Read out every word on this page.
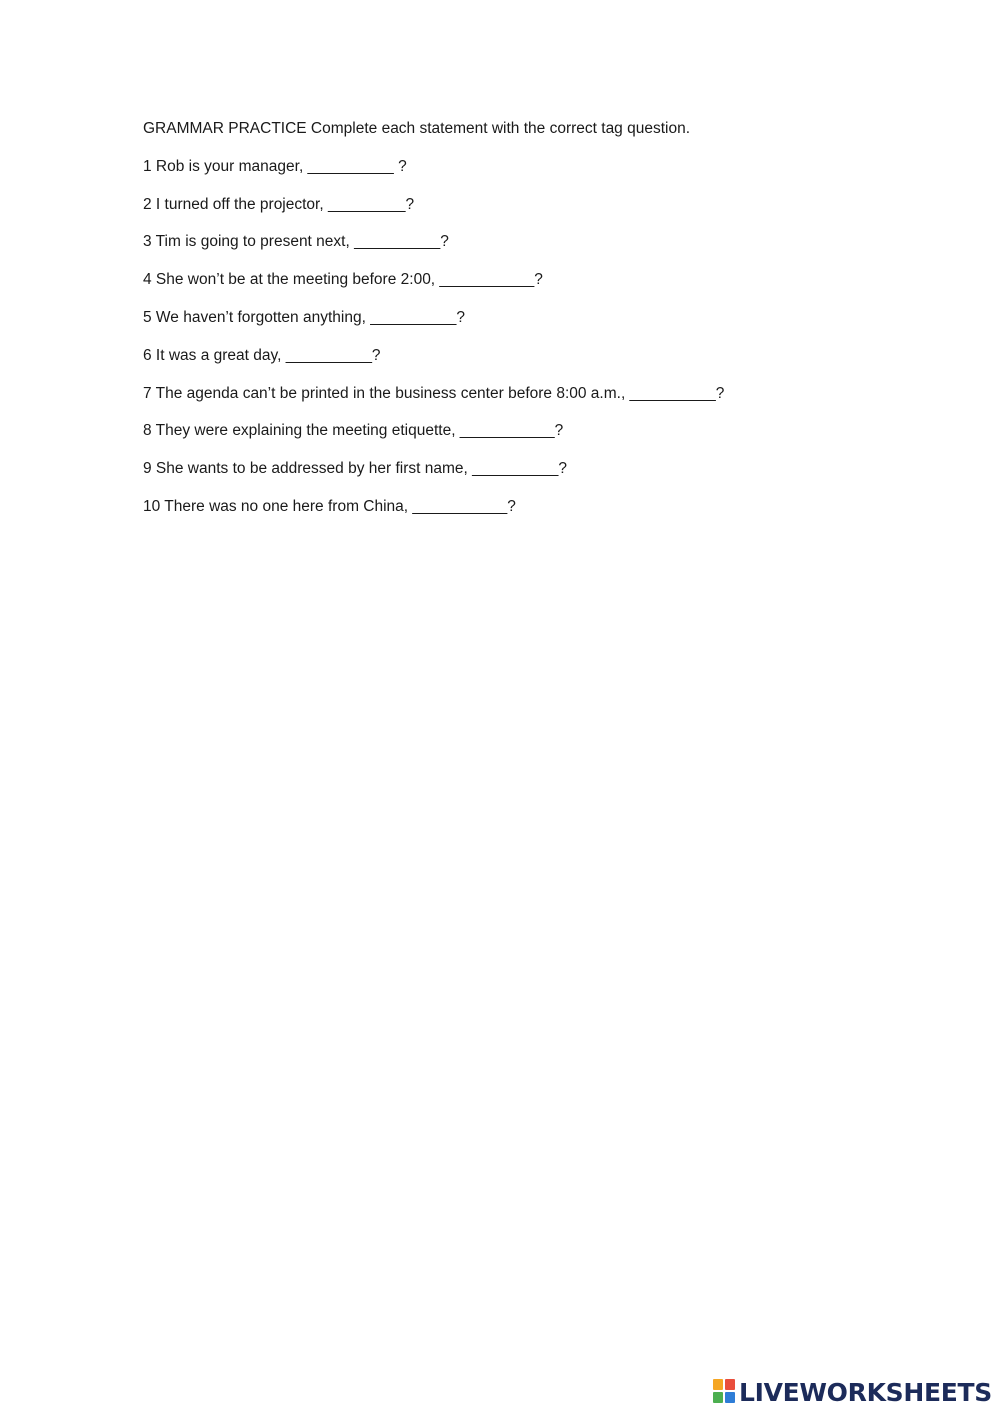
GRAMMAR PRACTICE Complete each statement with the correct tag question.
1 Rob is your manager, __________ ?
2 I turned off the projector, _________?
3 Tim is going to present next, __________?
4 She won’t be at the meeting before 2:00, ___________?
5 We haven’t forgotten anything, __________?
6 It was a great day, __________?
7 The agenda can’t be printed in the business center before 8:00 a.m., __________?
8 They were explaining the meeting etiquette, ___________?
9 She wants to be addressed by her first name, __________?
10 There was no one here from China, ___________?
LIVEWORKSHEETS
